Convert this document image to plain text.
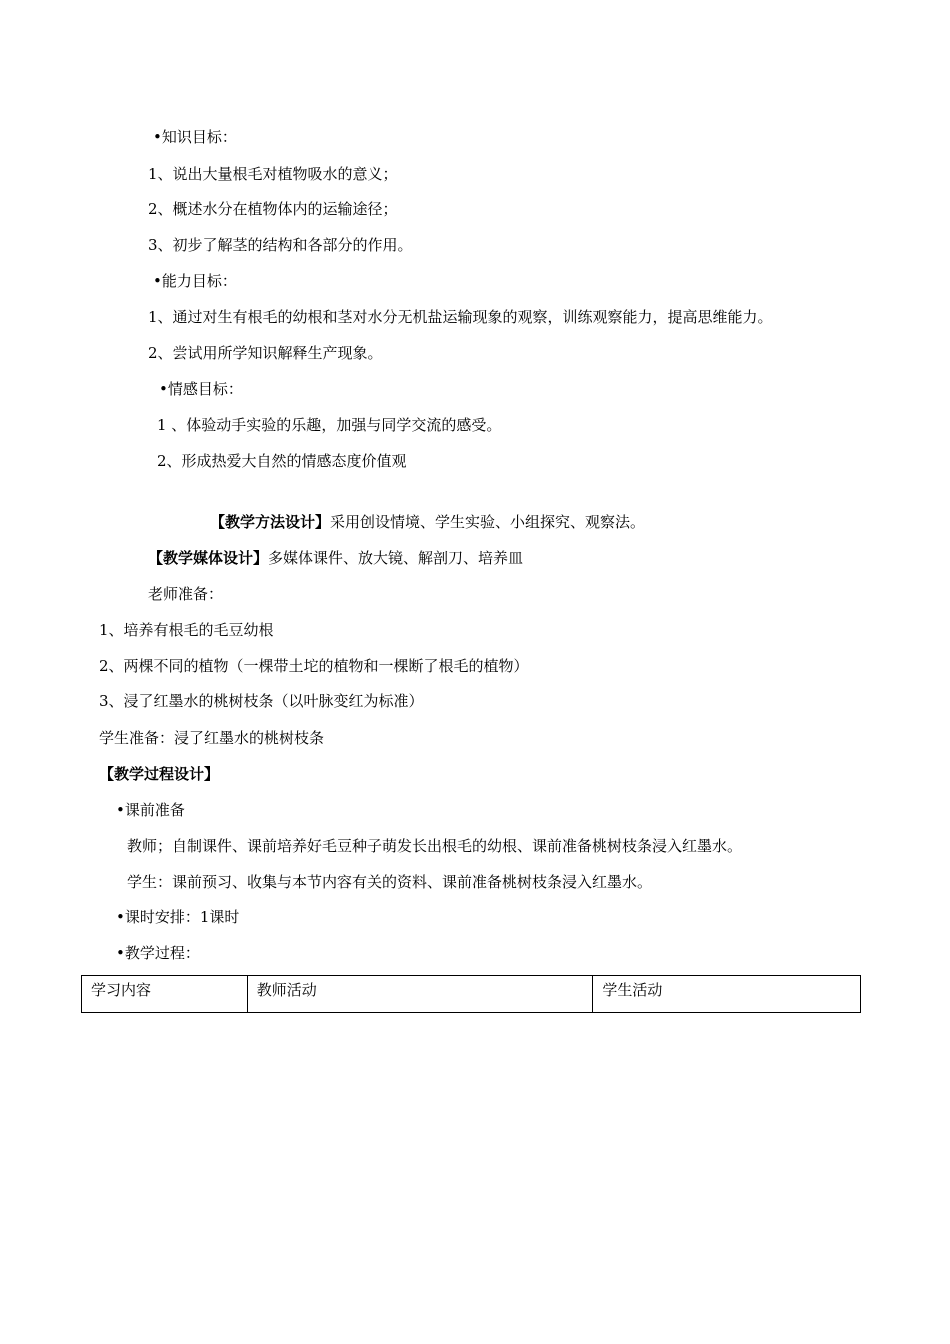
•知识目标：
1、说出大量根毛对植物吸水的意义；
2、概述水分在植物体内的运输途径；
3、初步了解茎的结构和各部分的作用。
•能力目标：
1、通过对生有根毛的幼根和茎对水分无机盐运输现象的观察，训练观察能力，提高思维能力。
2、尝试用所学知识解释生产现象。
•情感目标：
1 、体验动手实验的乐趣，加强与同学交流的感受。
2、形成热爱大自然的情感态度价值观
【教学方法设计】采用创设情境、学生实验、小组探究、观察法。
【教学媒体设计】多媒体课件、放大镜、解剖刀、培养皿
老师准备：
1、培养有根毛的毛豆幼根
2、两棵不同的植物（一棵带土坨的植物和一棵断了根毛的植物）
3、浸了红墨水的桃树枝条（以叶脉变红为标准）
学生准备：浸了红墨水的桃树枝条
【教学过程设计】
•课前准备
教师；自制课件、课前培养好毛豆种子萌发长出根毛的幼根、课前准备桃树枝条浸入红墨水。
学生：课前预习、收集与本节内容有关的资料、课前准备桃树枝条浸入红墨水。
•课时安排：1课时
•教学过程：
学习内容	教师活动	学生活动
